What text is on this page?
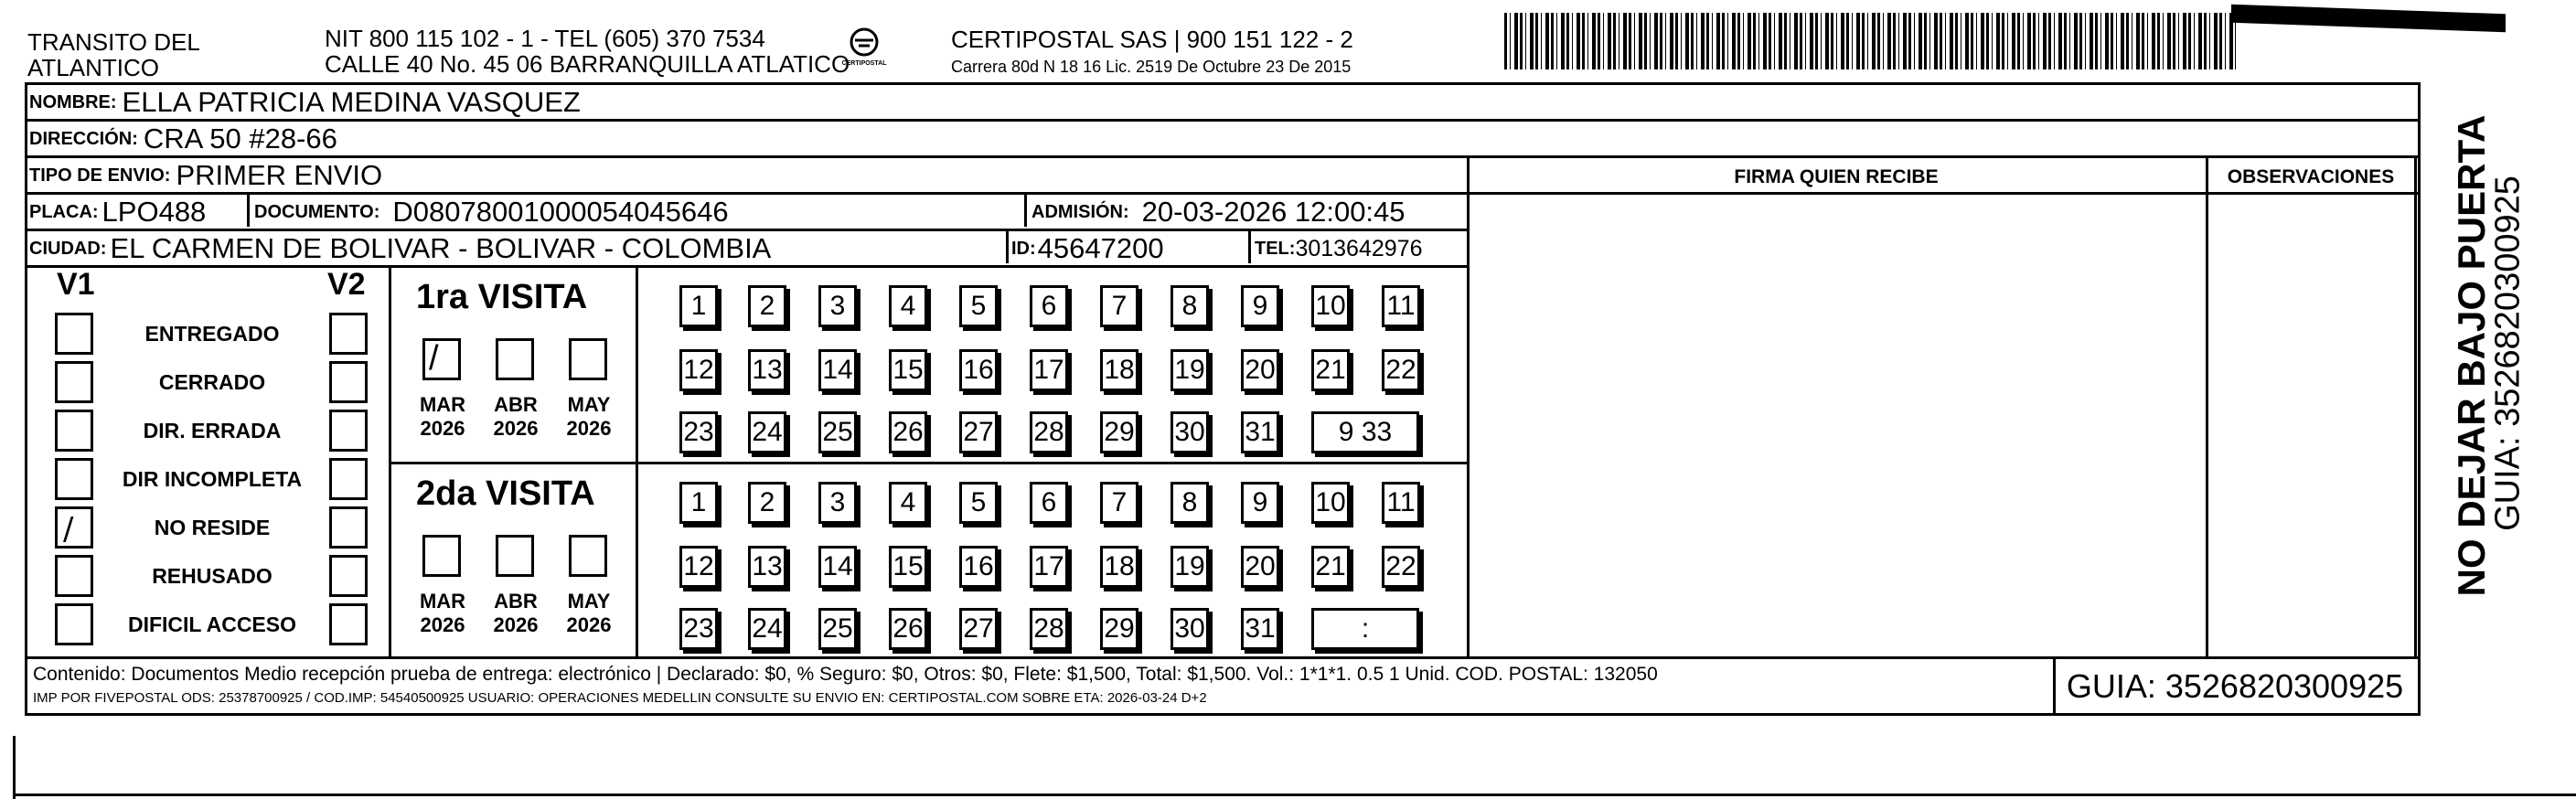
TRANSITO DEL
ATLANTICO
NIT 800 115 102 - 1 - TEL (605) 370 7534
CALLE 40 No. 45 06 BARRANQUILLA ATLATICO
CERTIPOSTAL
CERTIPOSTAL SAS | 900 151 122 - 2
Carrera 80d N 18 16 Lic. 2519 De Octubre 23 De 2015
NOMBRE: ELLA PATRICIA MEDINA VASQUEZ
DIRECCIÓN: CRA 50 #28-66
TIPO DE ENVIO: PRIMER ENVIO
PLACA: LPO488	DOCUMENTO: D08078001000054045646	ADMISIÓN: 20-03-2026 12:00:45
CIUDAD: EL CARMEN DE BOLIVAR - BOLIVAR - COLOMBIA	ID: 45647200	TEL: 3013642976
FIRMA QUIEN RECIBE	OBSERVACIONES	NO DEJAR BAJO PUERTA
GUIA: 3526820300925
V1	V2
ENTREGADO
CERRADO
DIR. ERRADA
DIR INCOMPLETA
/	NO RESIDE
REHUSADO
DIFICIL ACCESO
1ra VISITA
/
MAR
2026
ABR
2026
MAY
2026
1	2	3	4	5	6	7	8	9	10 11
12 13 14 15 16 17 18 19 20 21 22
23 24 25 26 27 28 29 30 31	9 33
2da VISITA
MAR
2026
ABR
2026
MAY
2026
1	2	3	4	5	6	7	8	9	10 11
12 13 14 15 16 17 18 19 20 21 22
23 24 25 26 27 28 29 30 31	:
Contenido: Documentos Medio recepción prueba de entrega: electrónico | Declarado: $0, % Seguro: $0, Otros: $0, Flete: $1,500, Total: $1,500. Vol.: 1*1*1. 0.5 1 Unid. COD. POSTAL: 132050
IMP POR FIVEPOSTAL ODS: 25378700925 / COD.IMP: 54540500925 USUARIO: OPERACIONES MEDELLIN CONSULTE SU ENVIO EN: CERTIPOSTAL.COM SOBRE ETA: 2026-03-24 D+2	GUIA: 3526820300925
